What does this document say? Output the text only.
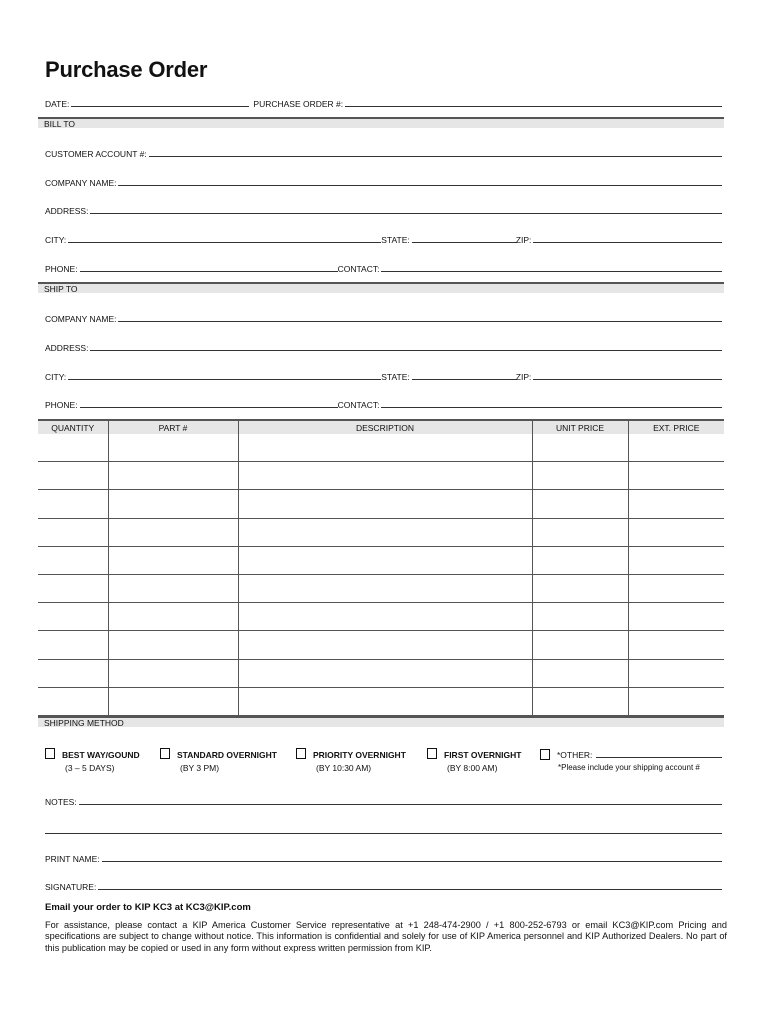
Purchase Order
DATE:	PURCHASE ORDER #:
BILL TO
CUSTOMER ACCOUNT #:
COMPANY NAME:
ADDRESS:
CITY:	STATE:	ZIP:
PHONE:	CONTACT:
SHIP TO
COMPANY NAME:
ADDRESS:
CITY:	STATE:	ZIP:
PHONE:	CONTACT:
QUANTITY	PART #	DESCRIPTION	UNIT PRICE	EXT. PRICE

SHIPPING METHOD
BEST WAY/GOUND
(3 – 5 DAYS)
STANDARD OVERNIGHT
(BY 3 PM)
PRIORITY OVERNIGHT
(BY 10:30 AM)
FIRST OVERNIGHT
(BY 8:00 AM)
*OTHER:
*Please include your shipping account #
NOTES:
PRINT NAME:
SIGNATURE:
Email your order to KIP KC3 at KC3@KIP.com
For assistance, please contact a KIP America Customer Service representative at +1 248-474-2900 / +1 800-252-6793 or email KC3@KIP.com Pricing and specifications are subject to change without notice. This information is confidential and solely for use of KIP America personnel and KIP Authorized Dealers. No part of this publication may be copied or used in any form without express written permission from KIP.
